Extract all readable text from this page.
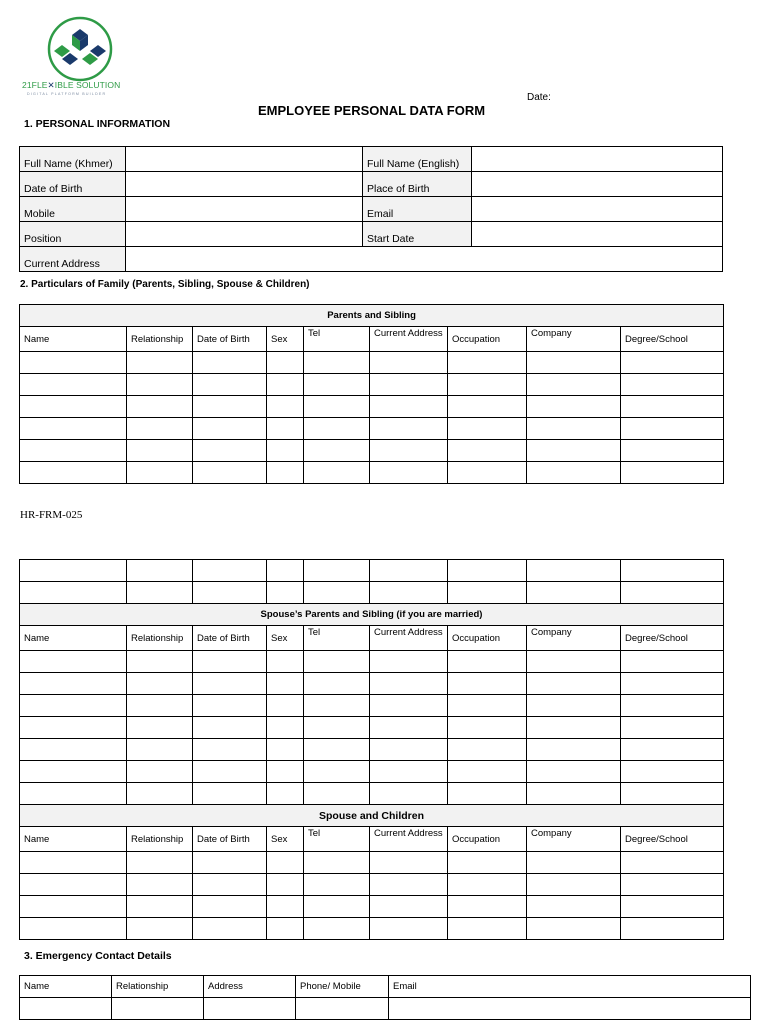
21FLE✕IBLE SOLUTION
DIGITAL PLATFORM BUILDER
EMPLOYEE PERSONAL DATA FORM
Date:
1. PERSONAL INFORMATION
Full Name (Khmer)		Full Name (English)	
Date of Birth		Place of Birth	
Mobile		Email	
Position		Start Date	
Current Address			
2. Particulars of Family (Parents, Sibling, Spouse & Children)
Parents and Sibling								
Name	Relationship	Date of Birth	Sex	Tel	Current Address	Occupation	Company	Degree/School

HR-FRM-025

Spouse’s Parents and Sibling (if you are married)								
Name	Relationship	Date of Birth	Sex	Tel	Current Address	Occupation	Company	Degree/School

Spouse and Children								
Name	Relationship	Date of Birth	Sex	Tel	Current Address	Occupation	Company	Degree/School

3. Emergency Contact Details
Name	Relationship	Address	Phone/ Mobile	Email
